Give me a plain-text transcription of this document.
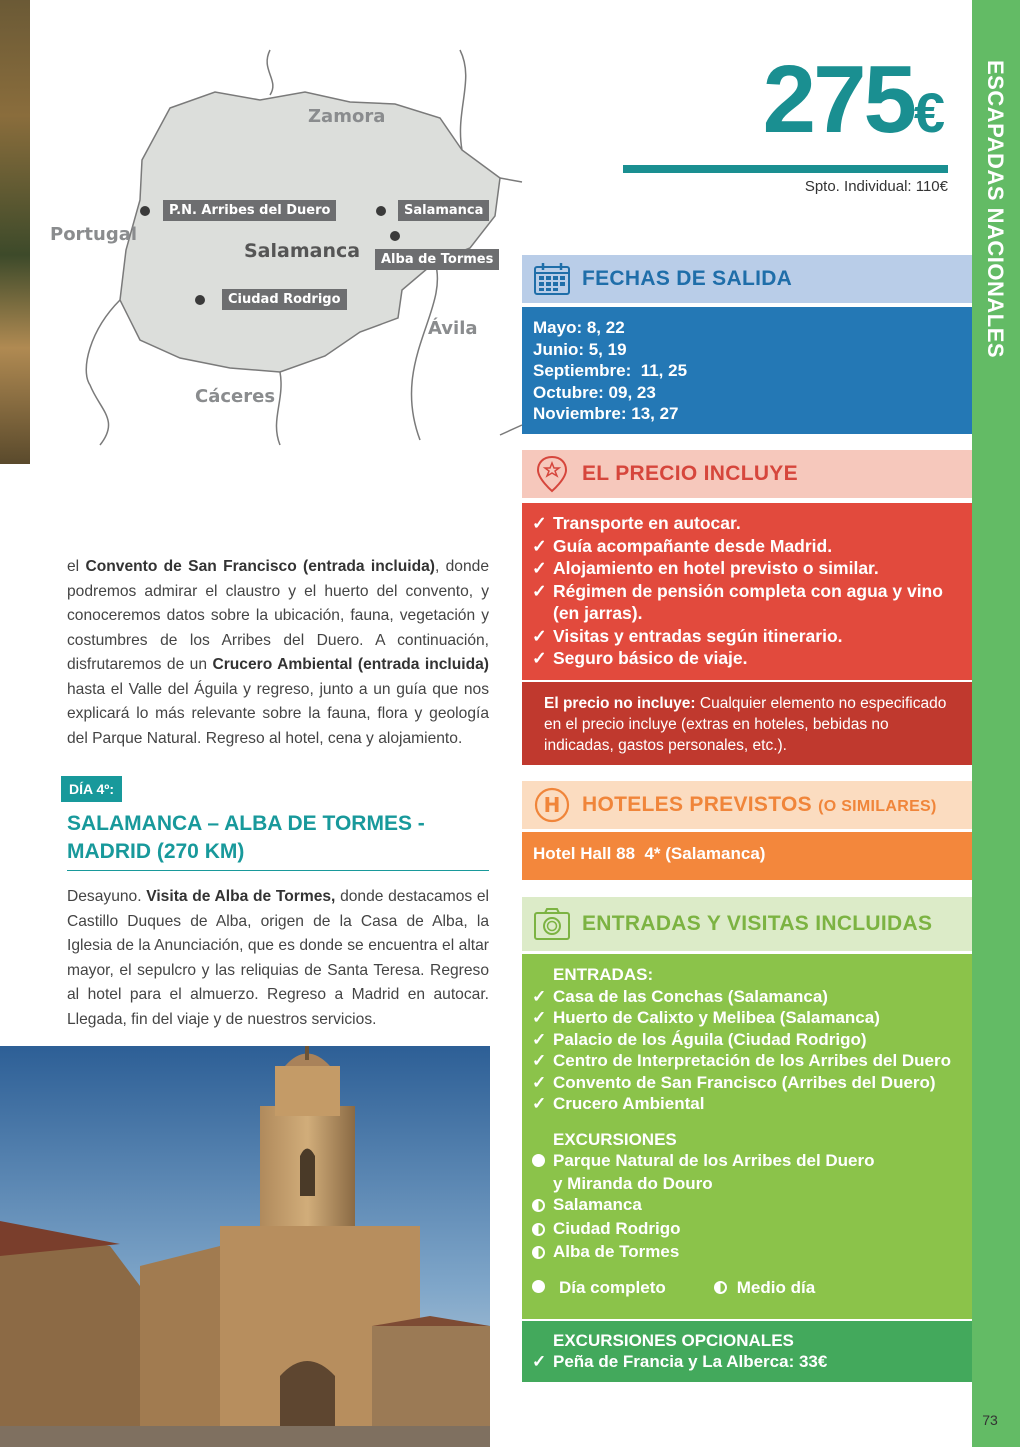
Zamora
Portugal
Salamanca
Ávila
Cáceres
P.N. Arribes del Duero	Salamanca
Alba de Tormes
Ciudad Rodrigo	ESCAPADAS NACIONALES
73
275€
Spto. Individual: 110€
FECHAS DE SALIDA
Mayo: 8, 22
Junio: 5, 19
Septiembre:  11, 25
Octubre: 09, 23
Noviembre: 13, 27
EL PRECIO INCLUYE
✓ Transporte en autocar.
✓ Guía acompañante desde Madrid.
✓ Alojamiento en hotel previsto o similar.
✓ Régimen de pensión completa con agua y vino (en jarras).
✓ Visitas y entradas según itinerario.
✓ Seguro básico de viaje.
El precio no incluye: Cualquier elemento no especificado en el precio incluye (extras en hoteles, bebidas no indicadas, gastos personales, etc.).
H HOTELES PREVISTOS (O SIMILARES)
Hotel Hall 88  4* (Salamanca)
ENTRADAS Y VISITAS INCLUIDAS
ENTRADAS:
✓ Casa de las Conchas (Salamanca)
✓ Huerto de Calixto y Melibea (Salamanca)
✓ Palacio de los Águila (Ciudad Rodrigo)
✓ Centro de Interpretación de los Arribes del Duero
✓ Convento de San Francisco (Arribes del Duero)
✓ Crucero Ambiental
EXCURSIONES
Parque Natural de los Arribes del Duero
y Miranda do Douro
Salamanca
Ciudad Rodrigo
Alba de Tormes
Día completo	Medio día
EXCURSIONES OPCIONALES
✓ Peña de Francia y La Alberca: 33€
el Convento de San Francisco (entrada incluida), donde podremos admirar el claustro y el huerto del convento, y conoceremos datos sobre la ubicación, fauna, vegetación y costumbres de los Arribes del Duero. A continuación, disfrutaremos de un Crucero Ambiental (entrada incluida) hasta el Valle del Águila y regreso, junto a un guía que nos explicará lo más relevante sobre la fauna, flora y geología del Parque Natural. Regreso al hotel, cena y alojamiento.
DÍA 4º:
SALAMANCA – ALBA DE TORMES - MADRID (270 KM)
Desayuno. Visita de Alba de Tormes, donde destacamos el Castillo Duques de Alba, origen de la Casa de Alba, la Iglesia de la Anunciación, que es donde se encuentra el altar mayor, el sepulcro y las reliquias de Santa Teresa. Regreso al hotel para el almuerzo. Regreso a Madrid en autocar. Llegada, fin del viaje y de nuestros servicios.
